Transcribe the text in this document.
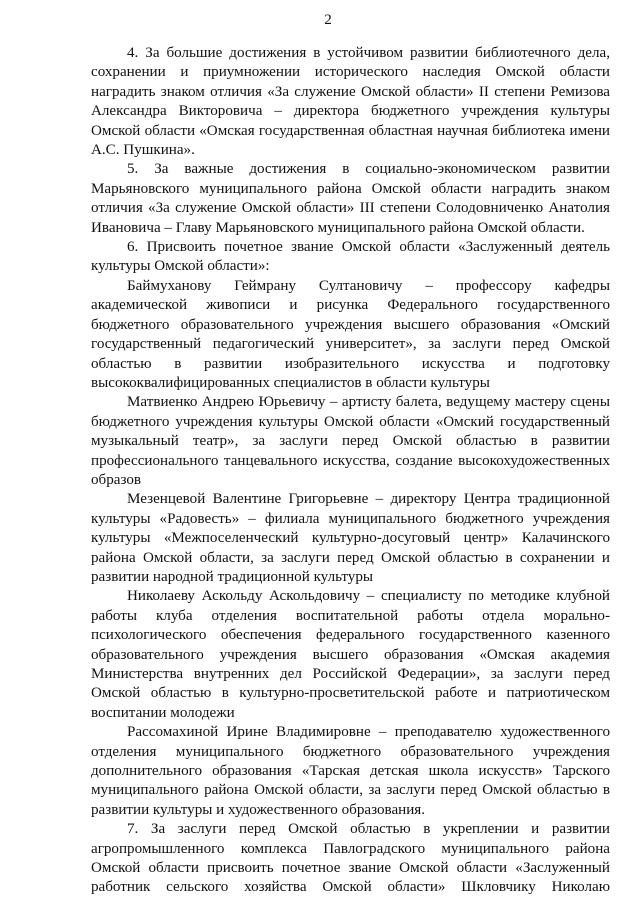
2

4. За большие достижения в устойчивом развитии библиотечного дела, сохранении и приумножении исторического наследия Омской области наградить знаком отличия «За служение Омской области» II степени Ремизова Александра Викторовича – директора бюджетного учреждения культуры Омской области «Омская государственная областная научная библиотека имени А.С. Пушкина».

5. За важные достижения в социально-экономическом развитии Марьяновского муниципального района Омской области наградить знаком отличия «За служение Омской области» III степени Солодовниченко Анатолия Ивановича – Главу Марьяновского муниципального района Омской области.

6. Присвоить почетное звание Омской области «Заслуженный деятель культуры Омской области»:

Баймуханову Геймрану Султановичу – профессору кафедры академической живописи и рисунка Федерального государственного бюджетного образовательного учреждения высшего образования «Омский государственный педагогический университет», за заслуги перед Омской областью в развитии изобразительного искусства и подготовку высококвалифицированных специалистов в области культуры

Матвиенко Андрею Юрьевичу – артисту балета, ведущему мастеру сцены бюджетного учреждения культуры Омской области «Омский государственный музыкальный театр», за заслуги перед Омской областью в развитии профессионального танцевального искусства, создание высокохудожественных образов

Мезенцевой Валентине Григорьевне – директору Центра традиционной культуры «Радовесть» – филиала муниципального бюджетного учреждения культуры «Межпоселенческий культурно-досуговый центр» Калачинского района Омской области, за заслуги перед Омской областью в сохранении и развитии народной традиционной культуры

Николаеву Аскольду Аскольдовичу – специалисту по методике клубной работы клуба отделения воспитательной работы отдела морально-психологического обеспечения федерального государственного казенного образовательного учреждения высшего образования «Омская академия Министерства внутренних дел Российской Федерации», за заслуги перед Омской областью в культурно-просветительской работе и патриотическом воспитании молодежи

Рассомахиной Ирине Владимировне – преподавателю художественного отделения муниципального бюджетного образовательного учреждения дополнительного образования «Тарская детская школа искусств» Тарского муниципального района Омской области, за заслуги перед Омской областью в развитии культуры и художественного образования.

7. За заслуги перед Омской областью в укреплении и развитии агропромышленного комплекса Павлоградского муниципального района Омской области присвоить почетное звание Омской области «Заслуженный работник сельского хозяйства Омской области» Шкловчику Николаю
